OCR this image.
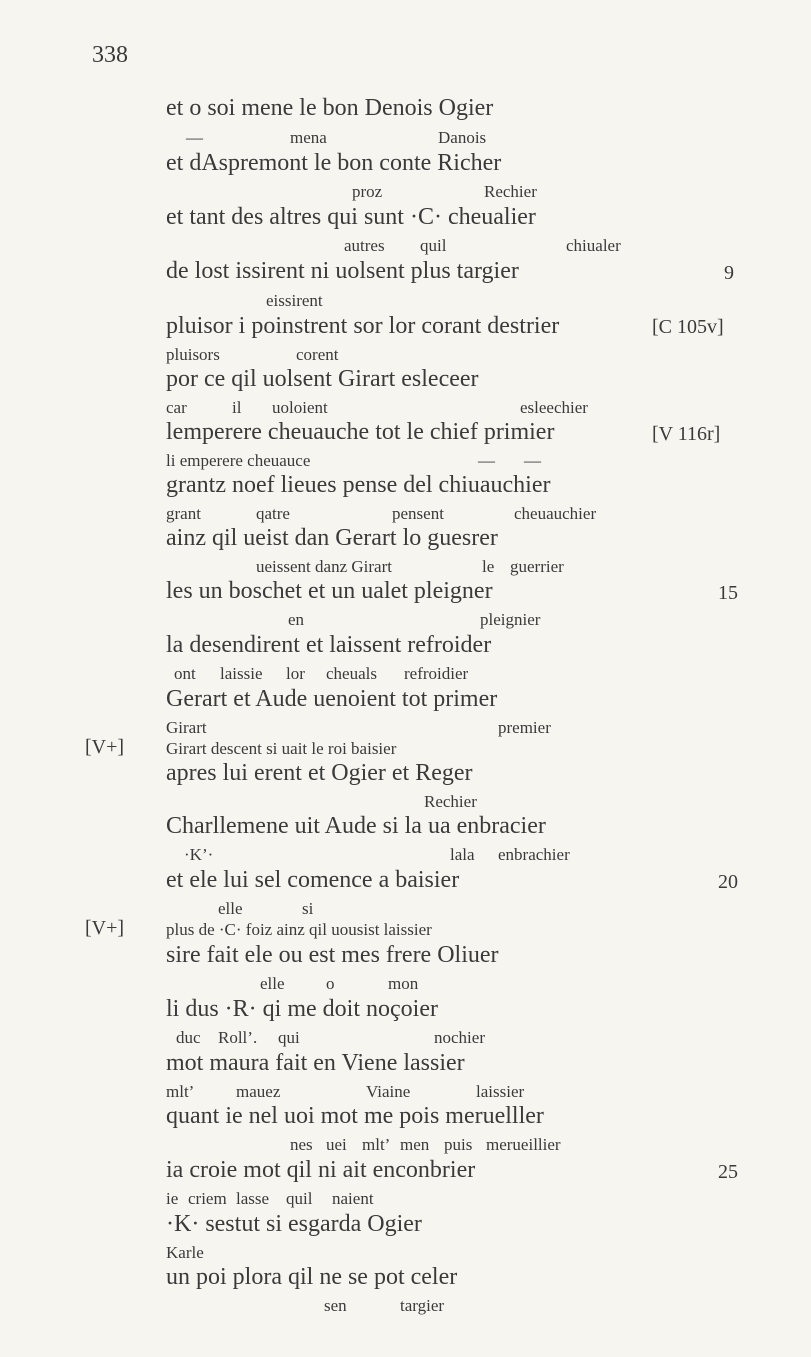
338
et o soi mene le bon Denois Ogier
—	mena	Danois
et dAspremont le bon conte Richer
proz	Rechier
et tant des altres qui sunt ·C· cheualier
autres quil	chiualer
de lost issirent ni uolsent plus targier	9
eissirent
pluisor i poinstrent sor lor corant destrier	[C 105v]
pluisors	corent
por ce qil uolsent Girart esleceer
car	il uoloient	esleechier
lemperere cheuauche tot le chief primier	[V 116r]
li emperere cheuauce	— —
grantz noef lieues pense del chiuauchier
grant	qatre	pensent	cheuauchier
ainz qil ueist dan Gerart lo guesrer
ueissent danz Girart	le guerrier
les un boschet et un ualet pleigner	15
en	pleignier
la desendirent et laissent refroider
ont laissie lor cheuals refroidier
Gerart et Aude uenoient tot primer
Girart	premier
[V+] Girart descent si uait le roi baisier
apres lui erent et Ogier et Reger
Rechier
Charllemene uit Aude si la ua enbracier
·K’·	lala enbrachier
et ele lui sel comence a baisier	20
elle	si
[V+] plus de ·C· foiz ainz qil uousist laissier
sire fait ele ou est mes frere Oliuer
elle o	mon
li dus ·R· qi me doit noçoier
duc Roll’. qui	nochier
mot maura fait en Viene lassier
mlt’ mauez	Viaine	laissier
quant ie nel uoi mot me pois meruelller
nes uei mlt’ men puis merueillier
ia croie mot qil ni ait enconbrier	25
ie criem lasse quil naient
·K· sestut si esgarda Ogier
Karle
un poi plora qil ne se pot celer
sen	targier
